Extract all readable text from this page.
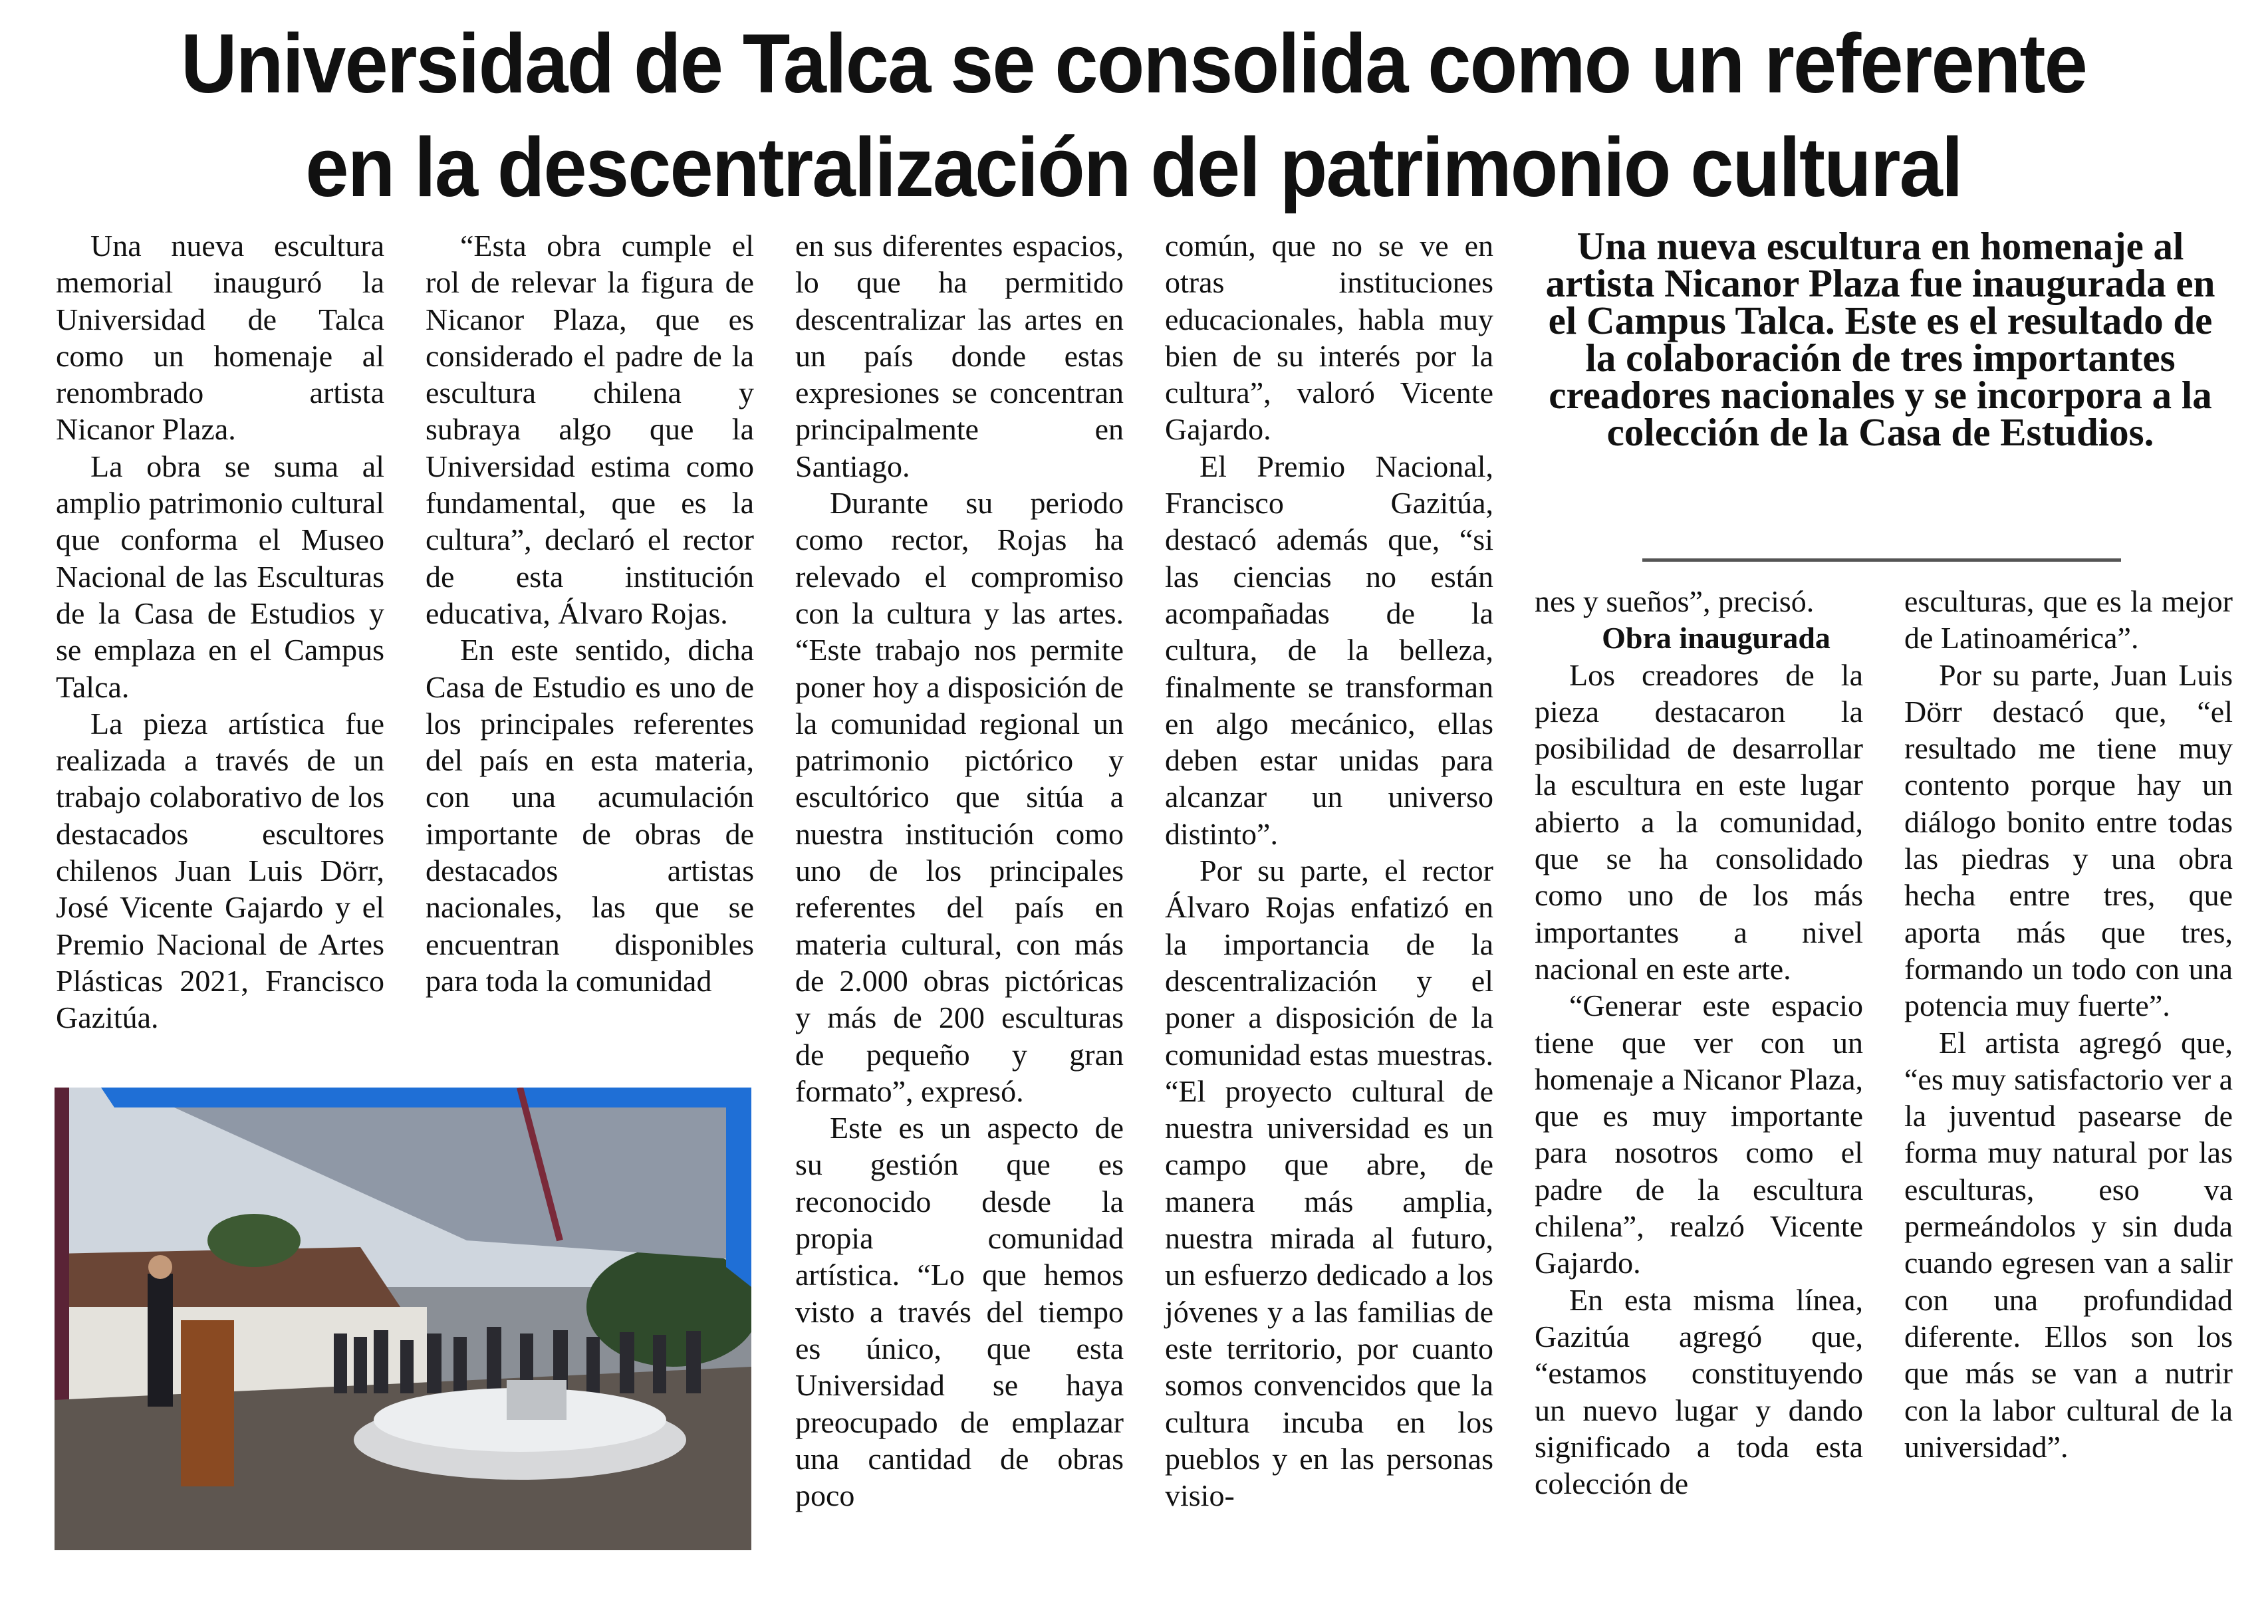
Universidad de Talca se consolida como un referente
en la descentralización del patrimonio cultural

Una nueva escultura memorial inauguró la Universidad de Talca como un homenaje al renombrado artista Nicanor Plaza.

La obra se suma al amplio patrimonio cultural que conforma el Museo Nacional de las Esculturas de la Casa de Estudios y se emplaza en el Campus Talca.

La pieza artística fue realizada a través de un trabajo colaborativo de los destacados escultores chilenos Juan Luis Dörr, José Vicente Gajardo y el Premio Nacional de Artes Plásticas 2021, Francisco Gazitúa.

“Esta obra cumple el rol de relevar la figura de Nicanor Plaza, que es considerado el padre de la escultura chilena y subraya algo que la Universidad estima como fundamental, que es la cultura”, declaró el rector de esta institución educativa, Álvaro Rojas.

En este sentido, dicha Casa de Estudio es uno de los principales referentes del país en esta materia, con una acumulación importante de obras de destacados artistas nacionales, las que se encuentran disponibles para toda la comunidad

en sus diferentes espacios, lo que ha permitido descentralizar las artes en un país donde estas expresiones se concentran principalmente en Santiago.

Durante su periodo como rector, Rojas ha relevado el compromiso con la cultura y las artes. “Este trabajo nos permite poner hoy a disposición de la comunidad regional un patrimonio pictórico y escultórico que sitúa a nuestra institución como uno de los principales referentes del país en materia cultural, con más de 2.000 obras pictóricas y más de 200 esculturas de pequeño y gran formato”, expresó.

Este es un aspecto de su gestión que es reconocido desde la propia comunidad artística. “Lo que hemos visto a través del tiempo es único, que esta Universidad se haya preocupado de emplazar una cantidad de obras poco

común, que no se ve en otras instituciones educacionales, habla muy bien de su interés por la cultura”, valoró Vicente Gajardo.

El Premio Nacional, Francisco Gazitúa, destacó además que, “si las ciencias no están acompañadas de la cultura, de la belleza, finalmente se transforman en algo mecánico, ellas deben estar unidas para alcanzar un universo distinto”.

Por su parte, el rector Álvaro Rojas enfatizó en la importancia de la descentralización y el poner a disposición de la comunidad estas muestras. “El proyecto cultural de nuestra universidad es un campo que abre, de manera más amplia, nuestra mirada al futuro, un esfuerzo dedicado a los jóvenes y a las familias de este territorio, por cuanto somos convencidos que la cultura incuba en los pueblos y en las personas visio-

Una nueva escultura en homenaje al artista Nicanor Plaza fue inaugurada en el Campus Talca. Este es el resultado de la colaboración de tres importantes creadores nacionales y se incorpora a la colección de la Casa de Estudios.

nes y sueños”, precisó.

Obra inaugurada

Los creadores de la pieza destacaron la posibilidad de desarrollar la escultura en este lugar abierto a la comunidad, que se ha consolidado como uno de los más importantes a nivel nacional en este arte.

“Generar este espacio tiene que ver con un homenaje a Nicanor Plaza, que es muy importante para nosotros como el padre de la escultura chilena”, realzó Vicente Gajardo.

En esta misma línea, Gazitúa agregó que, “estamos constituyendo un nuevo lugar y dando significado a toda esta colección de

esculturas, que es la mejor de Latinoamérica”.

Por su parte, Juan Luis Dörr destacó que, “el resultado me tiene muy contento porque hay un diálogo bonito entre todas las piedras y una obra hecha entre tres, que aporta más que tres, formando un todo con una potencia muy fuerte”.

El artista agregó que, “es muy satisfactorio ver a la juventud pasearse de forma muy natural por las esculturas, eso va permeándolos y sin duda cuando egresen van a salir con una profundidad diferente. Ellos son los que más se van a nutrir con la labor cultural de la universidad”.
